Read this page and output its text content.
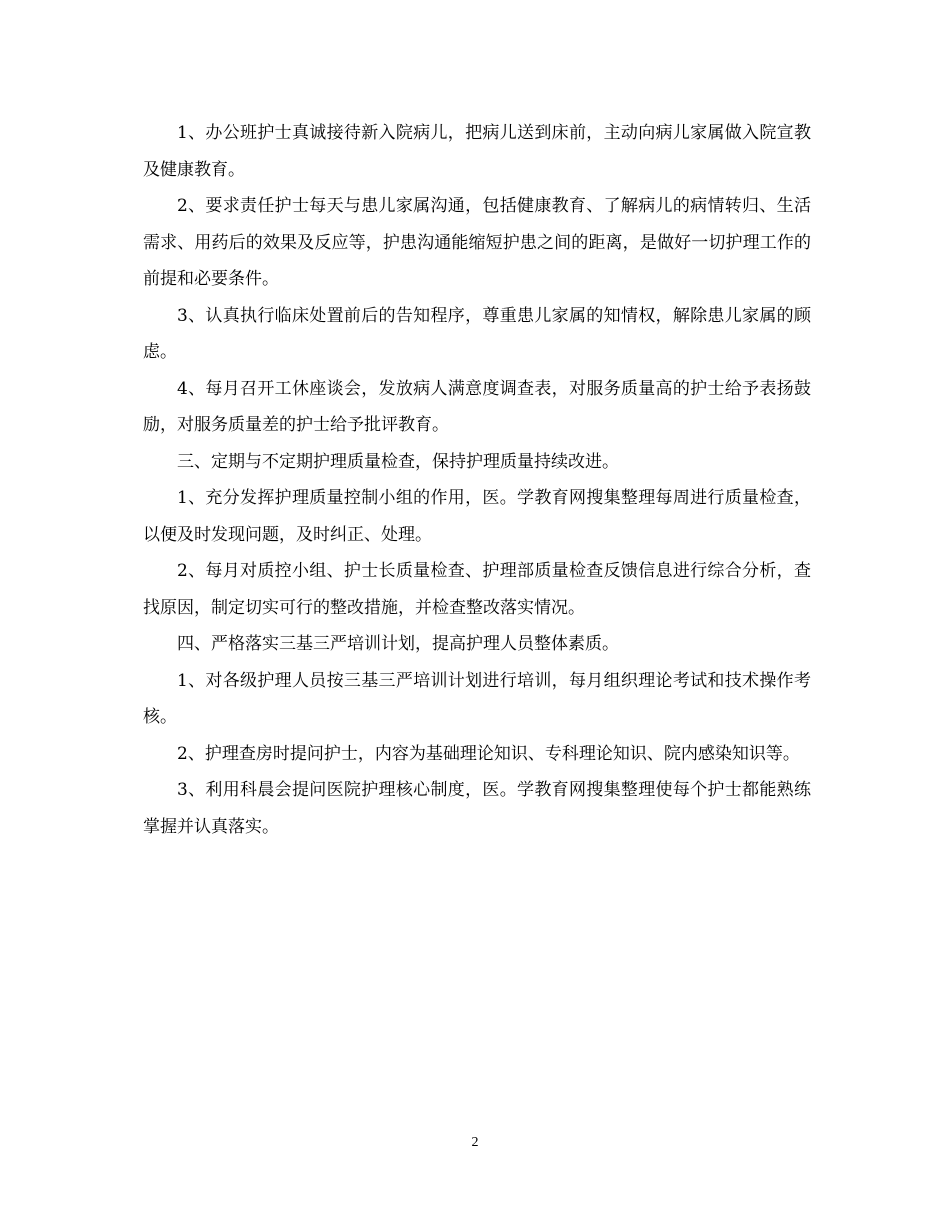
1、办公班护士真诚接待新入院病儿，把病儿送到床前，主动向病儿家属做入院宣教及健康教育。

2、要求责任护士每天与患儿家属沟通，包括健康教育、了解病儿的病情转归、生活需求、用药后的效果及反应等，护患沟通能缩短护患之间的距离，是做好一切护理工作的前提和必要条件。

3、认真执行临床处置前后的告知程序，尊重患儿家属的知情权，解除患儿家属的顾虑。

4、每月召开工休座谈会，发放病人满意度调查表，对服务质量高的护士给予表扬鼓励，对服务质量差的护士给予批评教育。

三、定期与不定期护理质量检查，保持护理质量持续改进。

1、充分发挥护理质量控制小组的作用，医。学教育网搜集整理每周进行质量检查，以便及时发现问题，及时纠正、处理。

2、每月对质控小组、护士长质量检查、护理部质量检查反馈信息进行综合分析，查找原因，制定切实可行的整改措施，并检查整改落实情况。

四、严格落实三基三严培训计划，提高护理人员整体素质。

1、对各级护理人员按三基三严培训计划进行培训，每月组织理论考试和技术操作考核。

2、护理查房时提问护士，内容为基础理论知识、专科理论知识、院内感染知识等。

3、利用科晨会提问医院护理核心制度，医。学教育网搜集整理使每个护士都能熟练掌握并认真落实。

2
